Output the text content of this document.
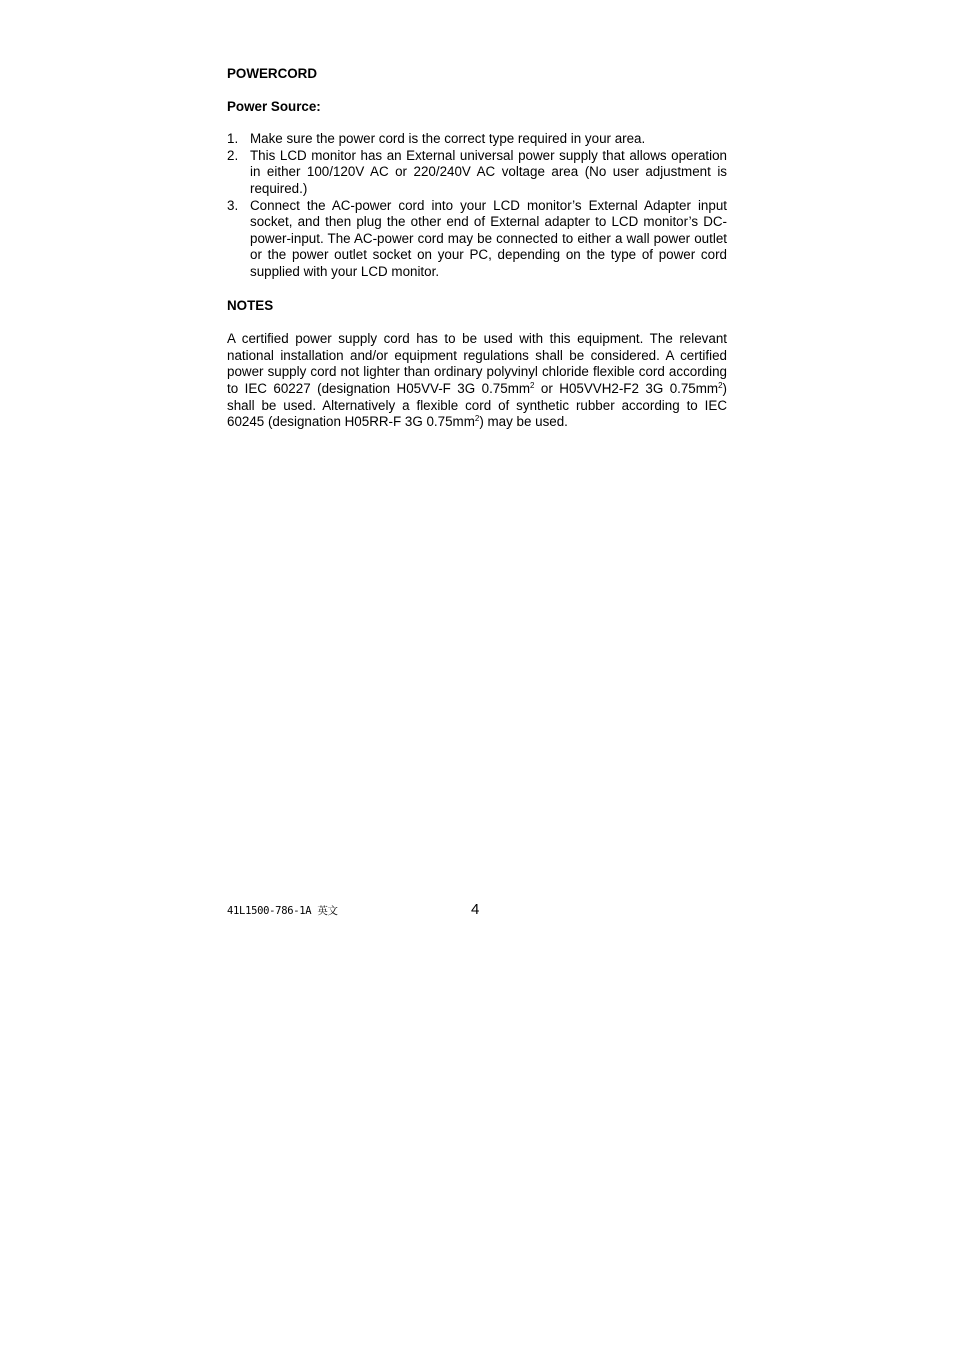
POWERCORD
Power Source:
1. Make sure the power cord is the correct type required in your area.
2. This LCD monitor has an External universal power supply that allows operation in either 100/120V AC or 220/240V AC voltage area (No user adjustment is required.)
3. Connect the AC-power cord into your LCD monitor’s External Adapter input socket, and then plug the other end of External adapter to LCD monitor’s DC-power-input. The AC-power cord may be connected to either a wall power outlet or the power outlet socket on your PC, depending on the type of power cord supplied with your LCD monitor.
NOTES

A certified power supply cord has to be used with this equipment. The relevant national installation and/or equipment regulations shall be considered. A certified power supply cord not lighter than ordinary polyvinyl chloride flexible cord according to IEC 60227 (designation H05VV-F 3G $0.75mm^2$ or H05VVH2-F2 3G $0.75mm^2$) shall be used. Alternatively a flexible cord of synthetic rubber according to IEC 60245 (designation H05RR-F 3G $0.75mm^2$) may be used.

41L1500-786-1A 英文	4
